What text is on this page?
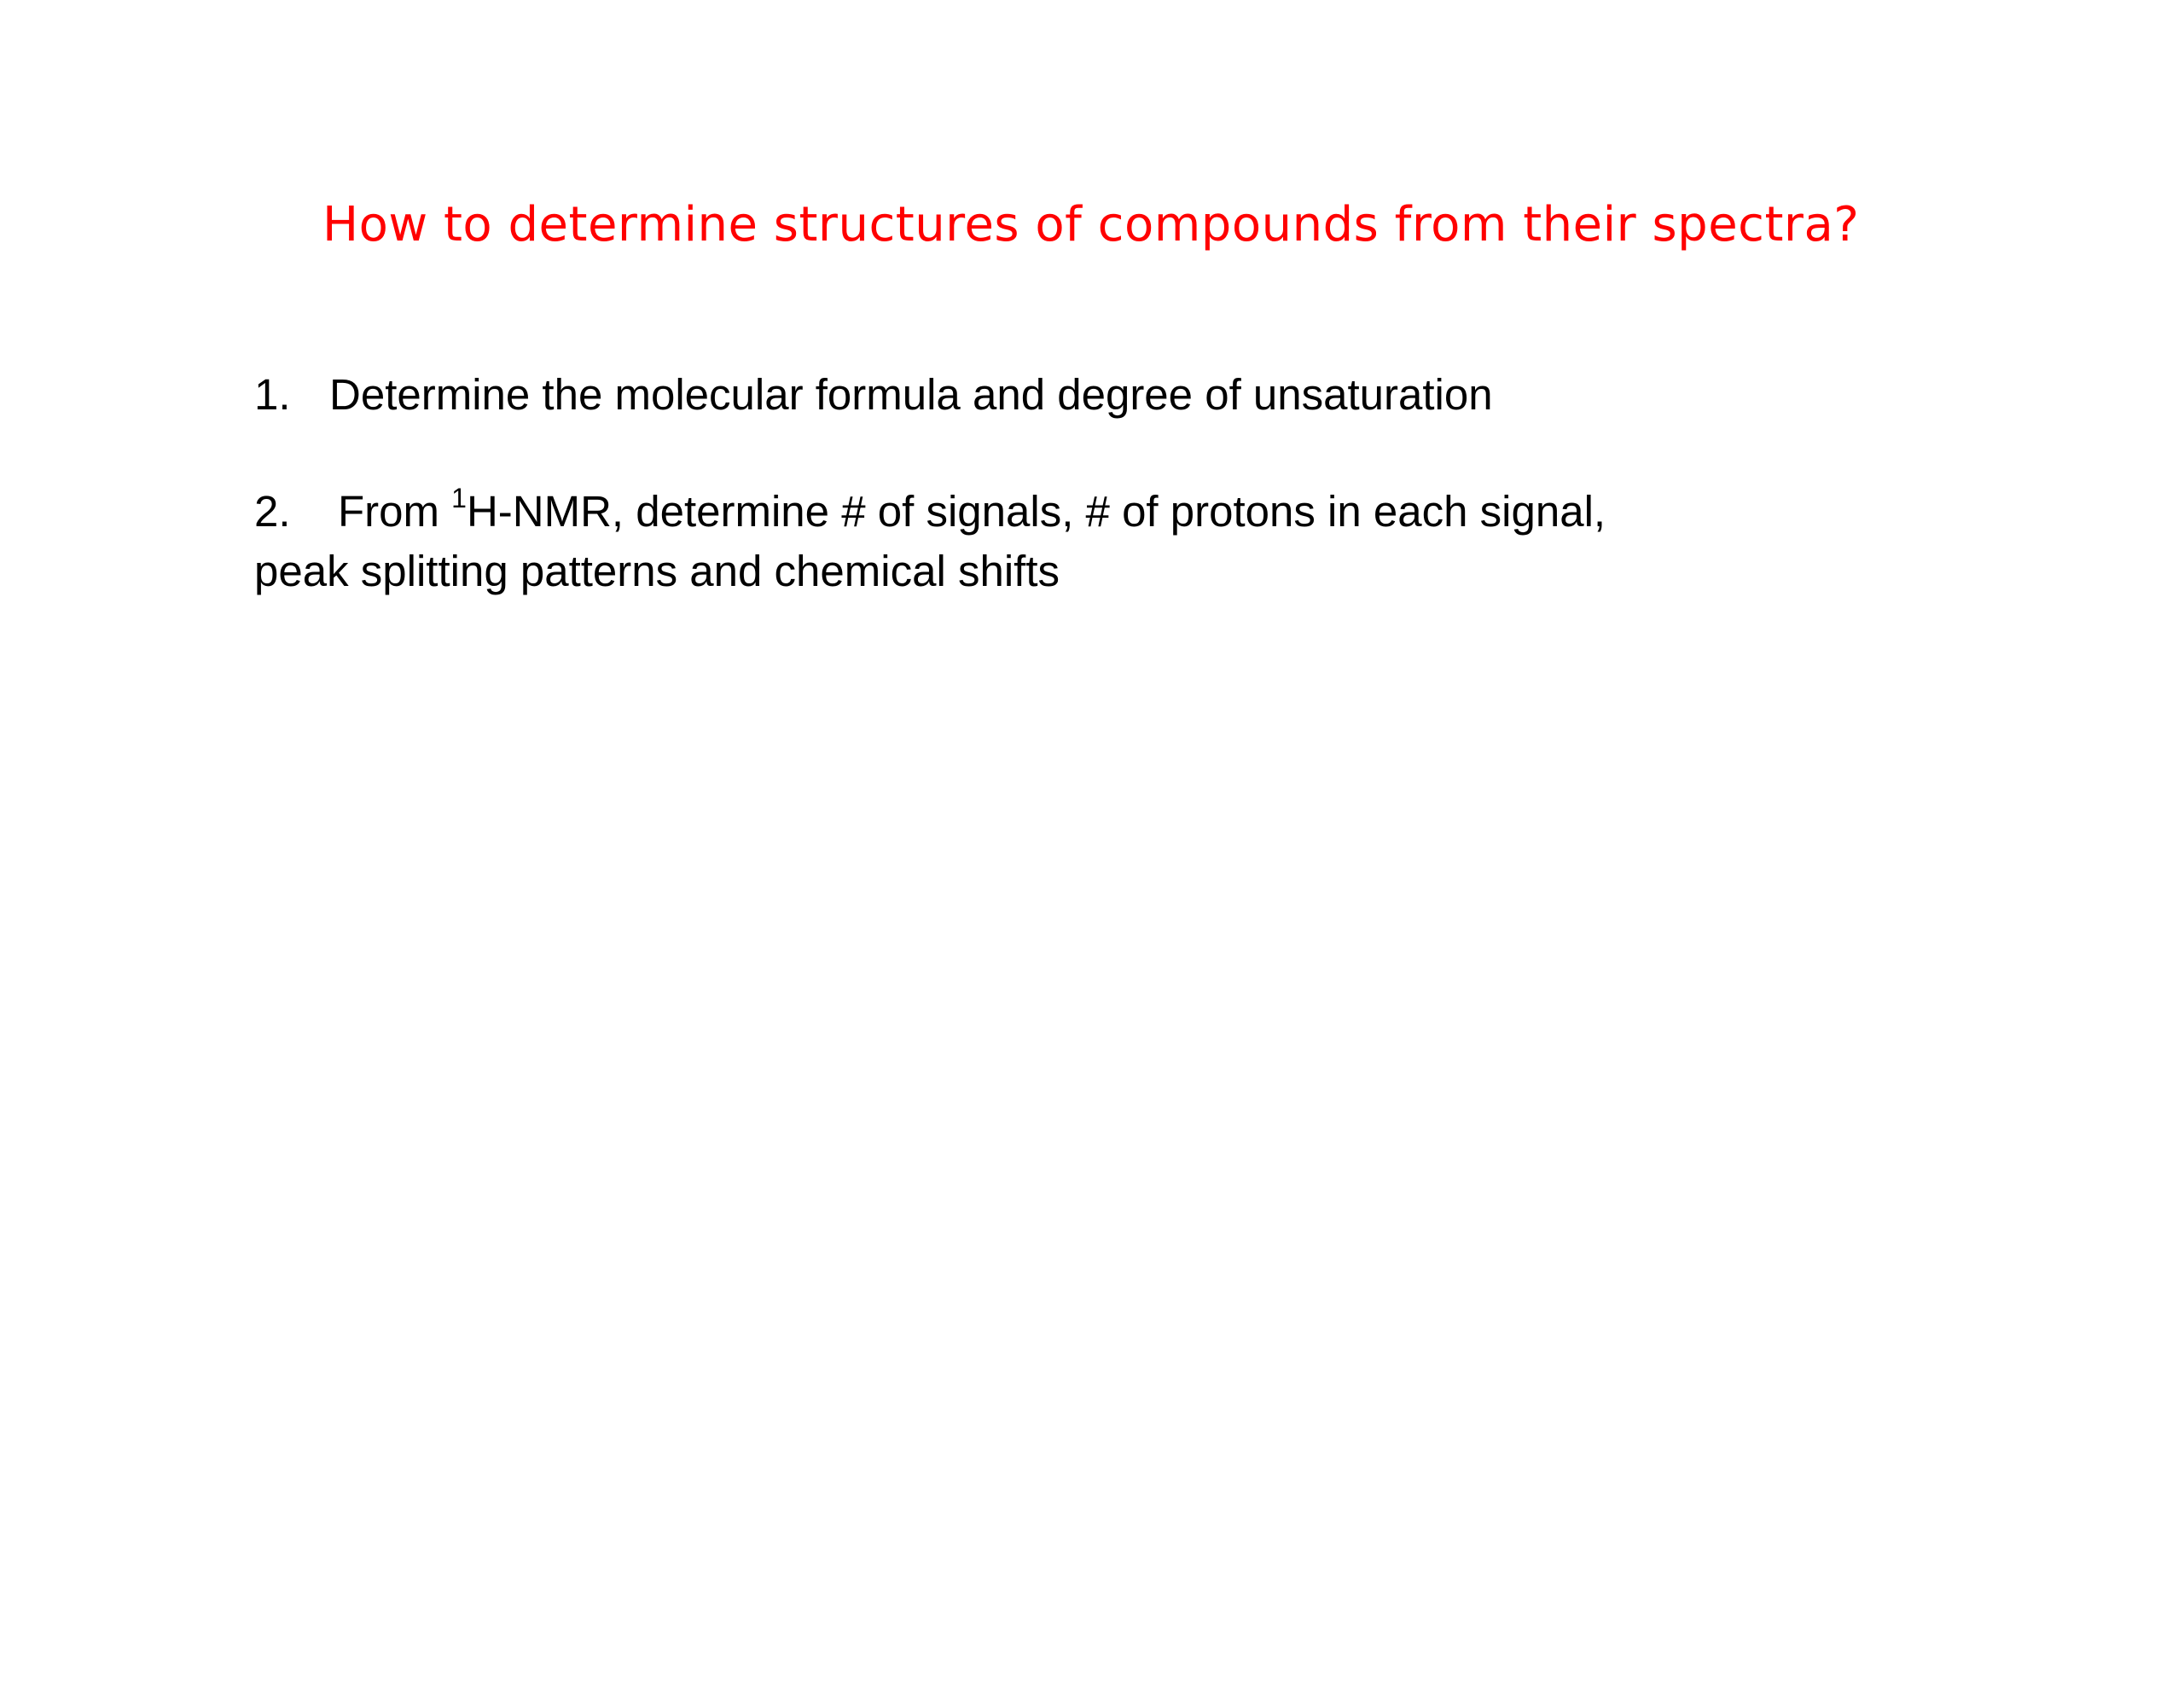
How to determine structures of compounds from their spectra?
1. Determine the molecular formula and degree of unsaturation
2. From $^1$H-NMR, determine # of signals, # of protons in each signal,
peak splitting patterns and chemical shifts
